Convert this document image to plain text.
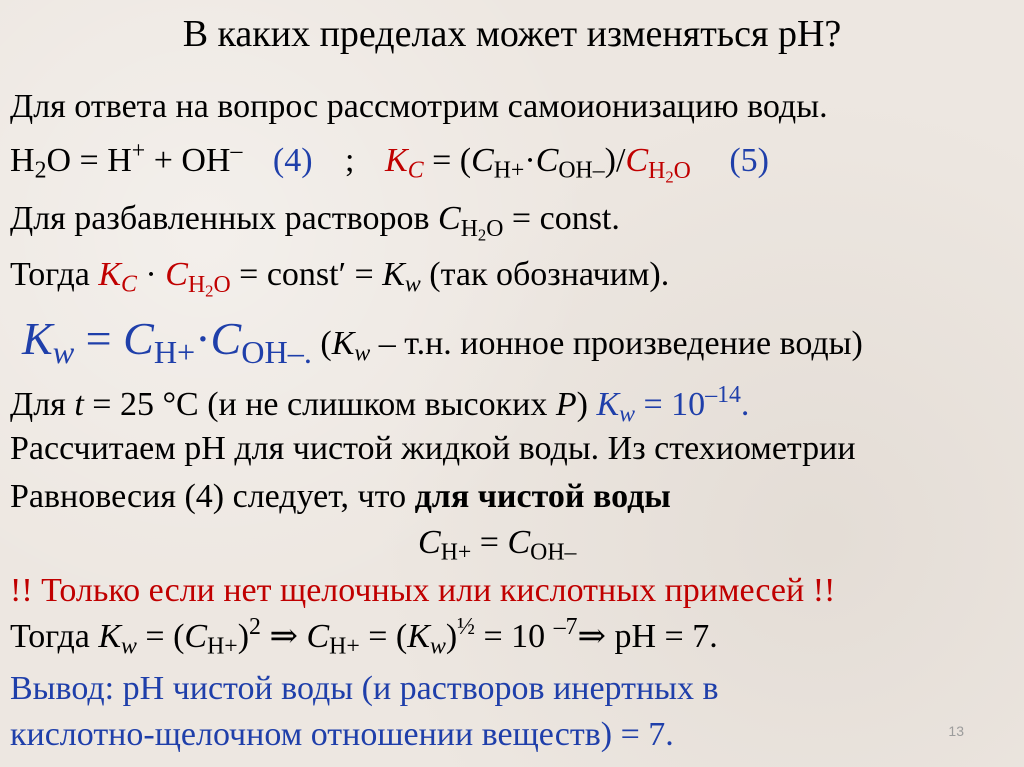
В каких пределах может изменяться pH?
Для ответа на вопрос рассмотрим самоионизацию воды.
$H_2O = H^+ + OH^-$ (4) ; $K_C = (C_{H+}\cdot C_{OH-})/C_{H_2O}$ (5)
Для разбавленных растворов $C_{H_2O}$ = const.
Тогда $K_C \cdot C_{H_2O}$ = const′ = $K_w$ (так обозначим).
$K_w = C_{H+}\cdot C_{OH-.}$ ($K_w - т.н$. ионное произведение воды)
Для t = 25 °C (и не слишком высоких P) $K_w = 10^{-14}$.
Рассчитаем pH для чистой жидкой воды. Из стехиометрии
Равновесия (4) следует, что для чистой воды
$C_{H+} = C_{OH-}$
!! Только если нет щелочных или кислотных примесей !!
Тогда $K_w = (C_{H+})^2$ ⇒ $C_{H+} = (K_w)^{\frac{1}{2}} = 10$ $^{-7}$⇒ pH = 7.
Вывод: pH чистой воды (и растворов инертных в
кислотно-щелочном отношении веществ) = 7.	13
